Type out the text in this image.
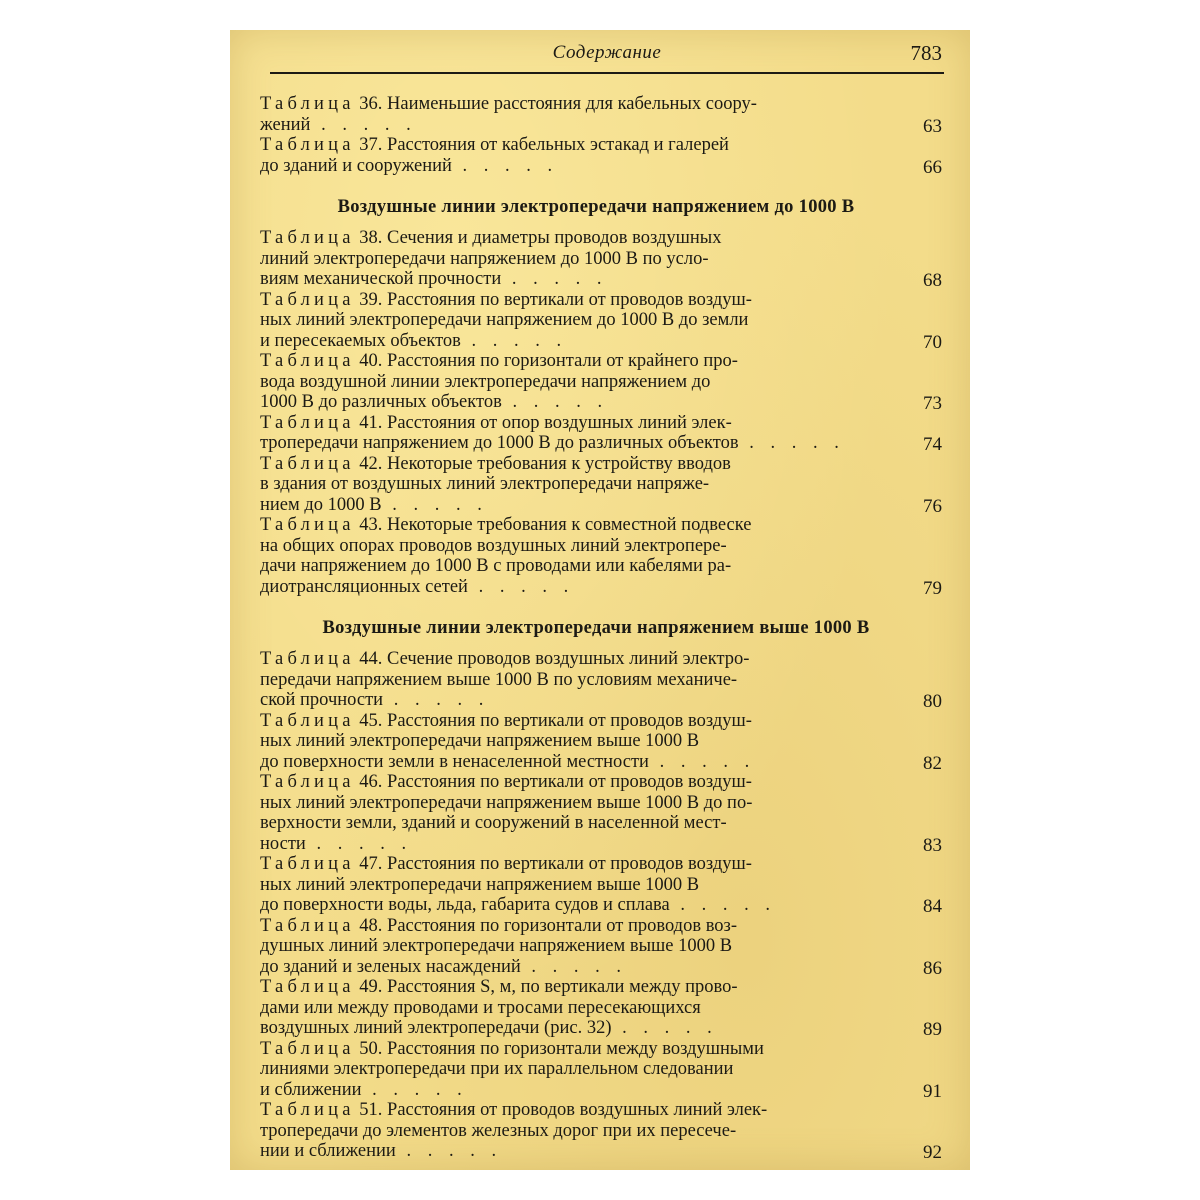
Содержание	783
Таблица 36. Наименьшие расстояния для кабельных соору-
жений . . . . .	63
Таблица 37. Расстояния от кабельных эстакад и галерей
до зданий и сооружений . . . . .	66
Воздушные линии электропередачи напряжением до 1000 В
Таблица 38. Сечения и диаметры проводов воздушных
линий электропередачи напряжением до 1000 В по усло-
виям механической прочности . . . . .	68
Таблица 39. Расстояния по вертикали от проводов воздуш-
ных линий электропередачи напряжением до 1000 В до земли
и пересекаемых объектов . . . . .	70
Таблица 40. Расстояния по горизонтали от крайнего про-
вода воздушной линии электропередачи напряжением до
1000 В до различных объектов . . . . .	73
Таблица 41. Расстояния от опор воздушных линий элек-
тропередачи напряжением до 1000 В до различных объектов . . . . .	74
Таблица 42. Некоторые требования к устройству вводов
в здания от воздушных линий электропередачи напряже-
нием до 1000 В . . . . .	76
Таблица 43. Некоторые требования к совместной подвеске
на общих опорах проводов воздушных линий электропере-
дачи напряжением до 1000 В с проводами или кабелями ра-
диотрансляционных сетей . . . . .	79
Воздушные линии электропередачи напряжением выше 1000 В
Таблица 44. Сечение проводов воздушных линий электро-
передачи напряжением выше 1000 В по условиям механиче-
ской прочности . . . . .	80
Таблица 45. Расстояния по вертикали от проводов воздуш-
ных линий электропередачи напряжением выше 1000 В
до поверхности земли в ненаселенной местности . . . . .	82
Таблица 46. Расстояния по вертикали от проводов воздуш-
ных линий электропередачи напряжением выше 1000 В до по-
верхности земли, зданий и сооружений в населенной мест-
ности . . . . .	83
Таблица 47. Расстояния по вертикали от проводов воздуш-
ных линий электропередачи напряжением выше 1000 В
до поверхности воды, льда, габарита судов и сплава . . . . .	84
Таблица 48. Расстояния по горизонтали от проводов воз-
душных линий электропередачи напряжением выше 1000 В
до зданий и зеленых насаждений . . . . .	86
Таблица 49. Расстояния S, м, по вертикали между прово-
дами или между проводами и тросами пересекающихся
воздушных линий электропередачи (рис. 32) . . . . .	89
Таблица 50. Расстояния по горизонтали между воздушными
линиями электропередачи при их параллельном следовании
и сближении . . . . .	91
Таблица 51. Расстояния от проводов воздушных линий элек-
тропередачи до элементов железных дорог при их пересече-
нии и сближении . . . . .	92
